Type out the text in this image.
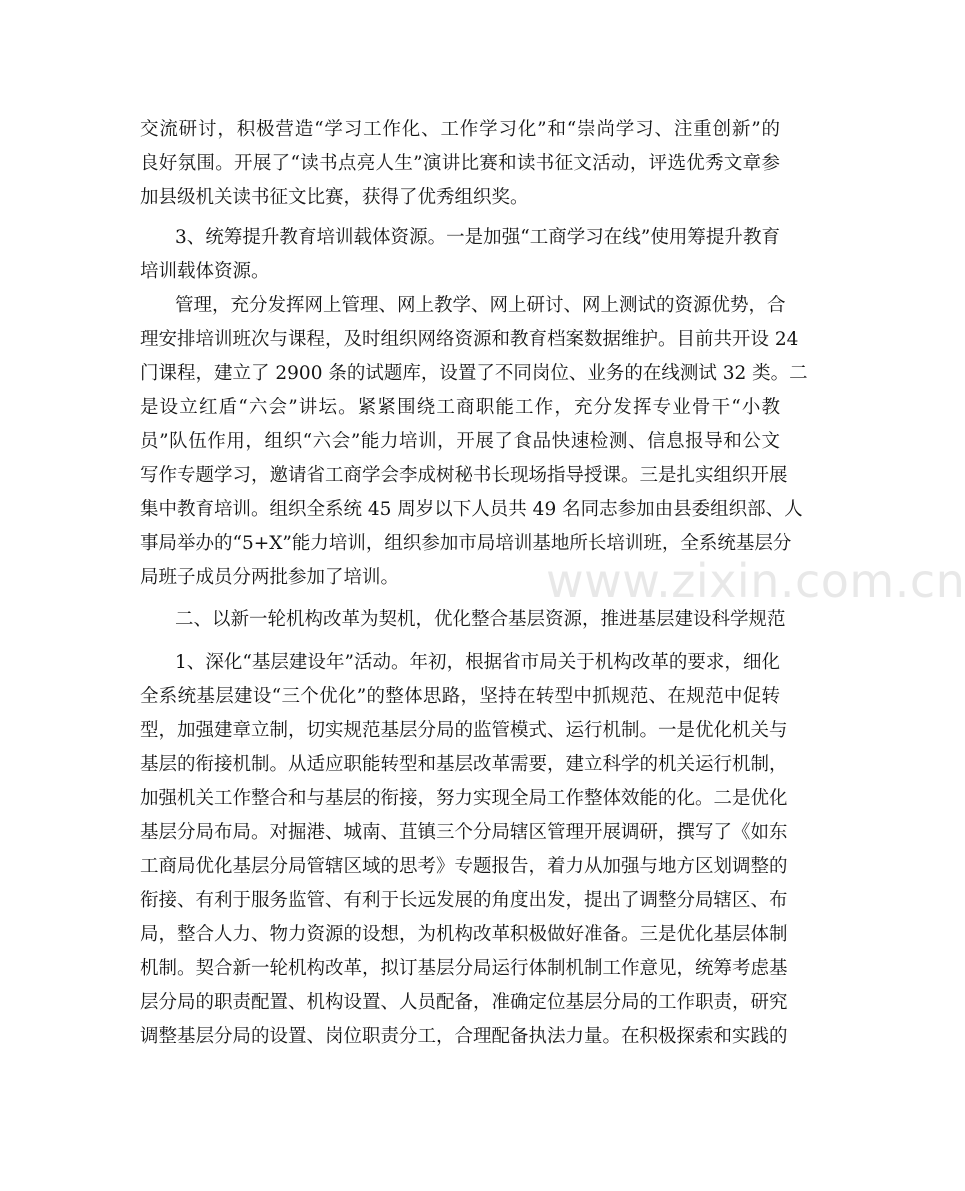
交流研讨，积极营造“学习工作化、工作学习化”和“崇尚学习、注重创新”的
良好氛围。开展了“读书点亮人生”演讲比赛和读书征文活动，评选优秀文章参
加县级机关读书征文比赛，获得了优秀组织奖。
3、统筹提升教育培训载体资源。一是加强“工商学习在线”使用筹提升教育
培训载体资源。
管理，充分发挥网上管理、网上教学、网上研讨、网上测试的资源优势，合
理安排培训班次与课程，及时组织网络资源和教育档案数据维护。目前共开设 24
门课程，建立了 2900 条的试题库，设置了不同岗位、业务的在线测试 32 类。二
是设立红盾“六会”讲坛。紧紧围绕工商职能工作，充分发挥专业骨干“小教
员”队伍作用，组织“六会”能力培训，开展了食品快速检测、信息报导和公文
写作专题学习，邀请省工商学会李成树秘书长现场指导授课。三是扎实组织开展
集中教育培训。组织全系统 45 周岁以下人员共 49 名同志参加由县委组织部、人
事局举办的“5+X”能力培训，组织参加市局培训基地所长培训班，全系统基层分
局班子成员分两批参加了培训。
二、以新一轮机构改革为契机，优化整合基层资源，推进基层建设科学规范
1、深化“基层建设年”活动。年初，根据省市局关于机构改革的要求，细化
全系统基层建设“三个优化”的整体思路，坚持在转型中抓规范、在规范中促转
型，加强建章立制，切实规范基层分局的监管模式、运行机制。一是优化机关与
基层的衔接机制。从适应职能转型和基层改革需要，建立科学的机关运行机制，
加强机关工作整合和与基层的衔接，努力实现全局工作整体效能的化。二是优化
基层分局布局。对掘港、城南、苴镇三个分局辖区管理开展调研，撰写了《如东
工商局优化基层分局管辖区域的思考》专题报告，着力从加强与地方区划调整的
衔接、有利于服务监管、有利于长远发展的角度出发，提出了调整分局辖区、布
局，整合人力、物力资源的设想，为机构改革积极做好准备。三是优化基层体制
机制。契合新一轮机构改革，拟订基层分局运行体制机制工作意见，统筹考虑基
层分局的职责配置、机构设置、人员配备，准确定位基层分局的工作职责，研究
调整基层分局的设置、岗位职责分工，合理配备执法力量。在积极探索和实践的
www.zixin.com.cn
